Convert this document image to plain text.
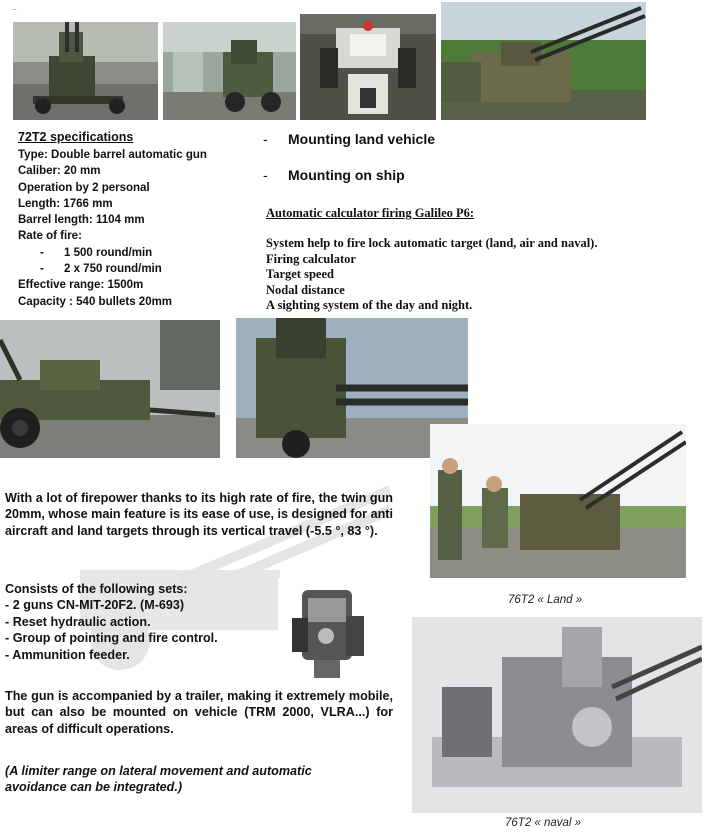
..
72T2 specifications
Type: Double barrel automatic gun
Caliber: 20 mm
Operation by 2 personal
Length: 1766 mm
Barrel length: 1104 mm
Rate of fire:
- 1 500 round/min
- 2 x 750 round/min
Effective range: 1500m
Capacity : 540 bullets 20mm
- Mounting land vehicle
- Mounting on ship
Automatic calculator firing Galileo P6:
System help to fire lock automatic target (land, air and naval).
Firing calculator
Target speed
Nodal distance
A sighting system of the day and night.
With a lot of firepower thanks to its high rate of fire, the twin gun 20mm, whose main feature is its ease of use, is designed for anti aircraft and land targets through its vertical travel (-5.5 °, 83 °).
Consists of the following sets:
- 2 guns CN-MIT-20F2. (M-693)
- Reset hydraulic action.
- Group of pointing and fire control.
- Ammunition feeder.
The gun is accompanied by a trailer, making it extremely mobile, but can also be mounted on vehicle (TRM 2000, VLRA...) for areas of difficult operations.
(A limiter range on lateral movement and automatic avoidance can be integrated.)
76T2 « Land »
76T2 « naval »
